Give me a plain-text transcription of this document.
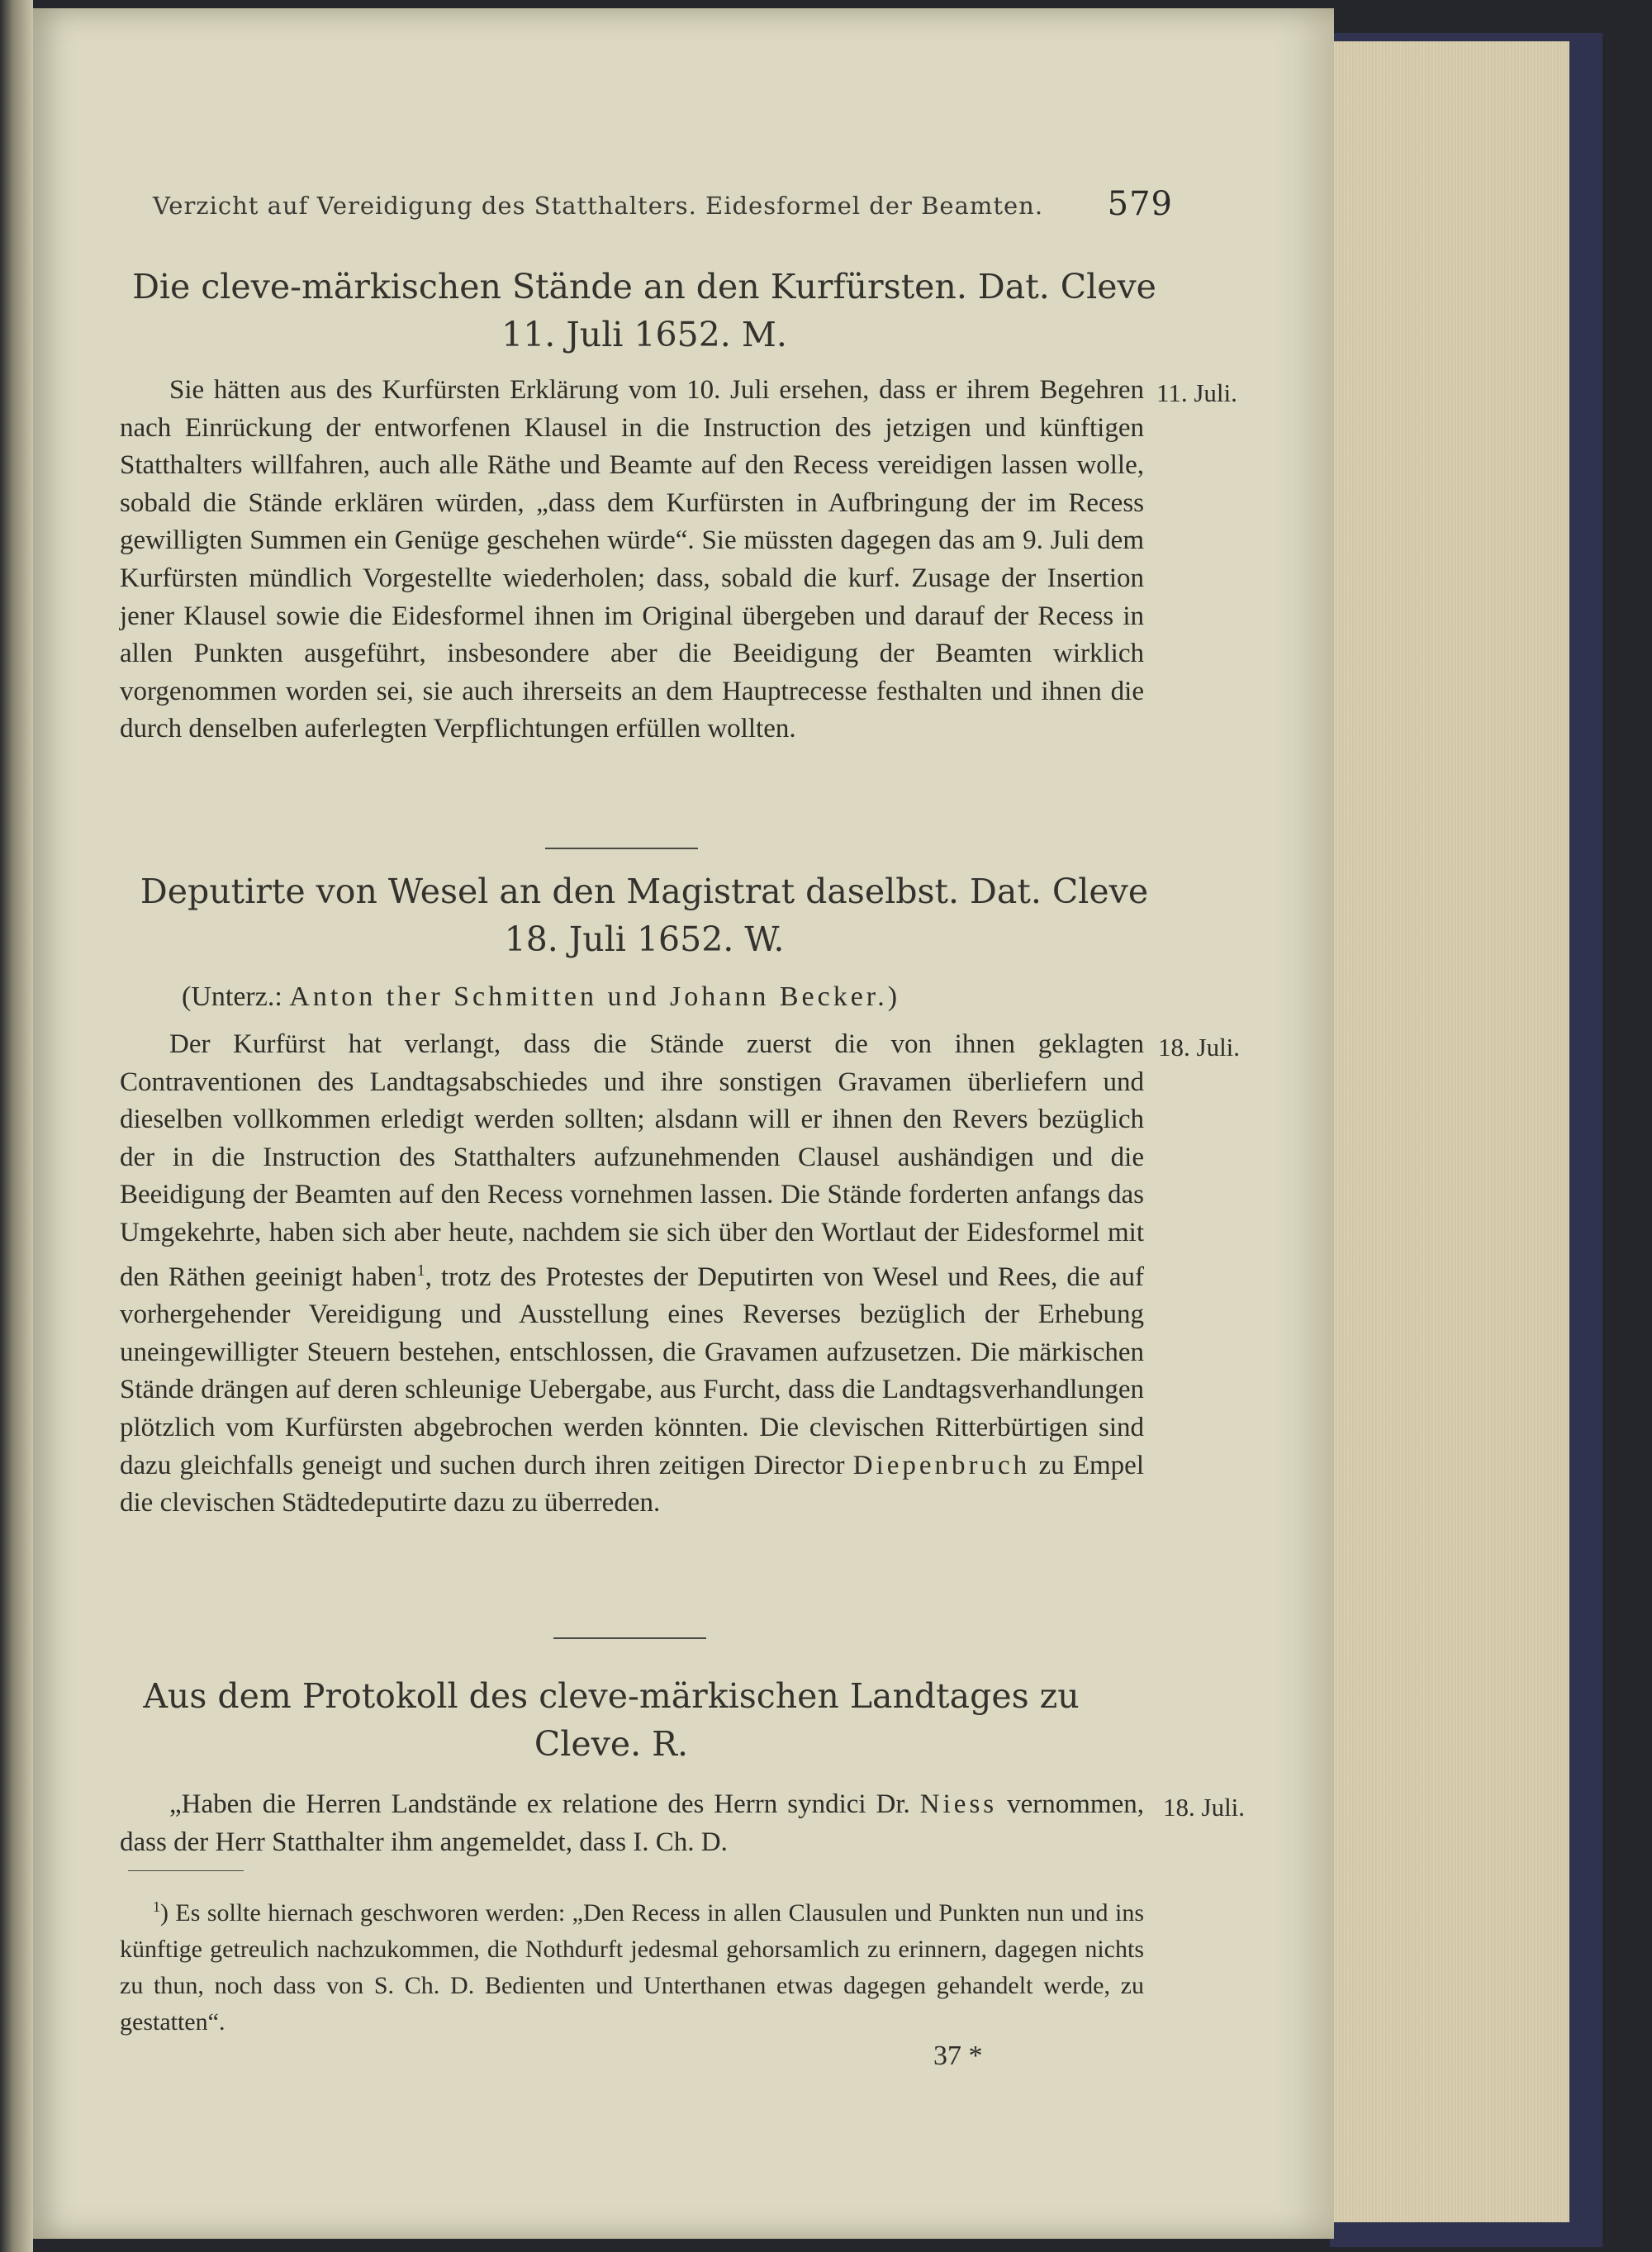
Verzicht auf Vereidigung des Statthalters. Eidesformel der Beamten. 579
Die cleve-märkischen Stände an den Kurfürsten. Dat. Cleve
11. Juli 1652. M.
11. Juli.
Sie hätten aus des Kurfürsten Erklärung vom 10. Juli ersehen, dass er ihrem Begehren nach Einrückung der entworfenen Klausel in die Instruction des jetzigen und künftigen Statthalters willfahren, auch alle Räthe und Beamte auf den Recess vereidigen lassen wolle, sobald die Stände erklären würden, „dass dem Kurfürsten in Aufbringung der im Recess gewilligten Summen ein Genüge geschehen würde“. Sie müssten dagegen das am 9. Juli dem Kurfürsten mündlich Vorgestellte wiederholen; dass, sobald die kurf. Zusage der Insertion jener Klausel sowie die Eidesformel ihnen im Original übergeben und darauf der Recess in allen Punkten ausgeführt, insbesondere aber die Beeidigung der Beamten wirklich vorgenommen worden sei, sie auch ihrerseits an dem Hauptrecesse festhalten und ihnen die durch denselben auferlegten Verpflichtungen erfüllen wollten.
Deputirte von Wesel an den Magistrat daselbst. Dat. Cleve
18. Juli 1652. W.
(Unterz.: Anton ther Schmitten und Johann Becker.)
18. Juli.
Der Kurfürst hat verlangt, dass die Stände zuerst die von ihnen geklagten Contraventionen des Landtagsabschiedes und ihre sonstigen Gravamen überliefern und dieselben vollkommen erledigt werden sollten; alsdann will er ihnen den Revers bezüglich der in die Instruction des Statthalters aufzunehmenden Clausel aushändigen und die Beeidigung der Beamten auf den Recess vornehmen lassen. Die Stände forderten anfangs das Umgekehrte, haben sich aber heute, nachdem sie sich über den Wortlaut der Eidesformel mit den Räthen geeinigt haben$^1$, trotz des Protestes der Deputirten von Wesel und Rees, die auf vorhergehender Vereidigung und Ausstellung eines Reverses bezüglich der Erhebung uneingewilligter Steuern bestehen, entschlossen, die Gravamen aufzusetzen. Die märkischen Stände drängen auf deren schleunige Uebergabe, aus Furcht, dass die Landtagsverhandlungen plötzlich vom Kurfürsten abgebrochen werden könnten. Die clevischen Ritterbürtigen sind dazu gleichfalls geneigt und suchen durch ihren zeitigen Director Diepenbruch zu Empel die clevischen Städtedeputirte dazu zu überreden.
Aus dem Protokoll des cleve-märkischen Landtages zu
Cleve. R.
18. Juli.
„Haben die Herren Landstände ex relatione des Herrn syndici Dr. Niess vernommen, dass der Herr Statthalter ihm angemeldet, dass I. Ch. D.
$^1$) Es sollte hiernach geschworen werden: „Den Recess in allen Clausulen und Punkten nun und ins künftige getreulich nachzukommen, die Nothdurft jedesmal gehorsamlich zu erinnern, dagegen nichts zu thun, noch dass von S. Ch. D. Bedienten und Unterthanen etwas dagegen gehandelt werde, zu gestatten“.
37 *
